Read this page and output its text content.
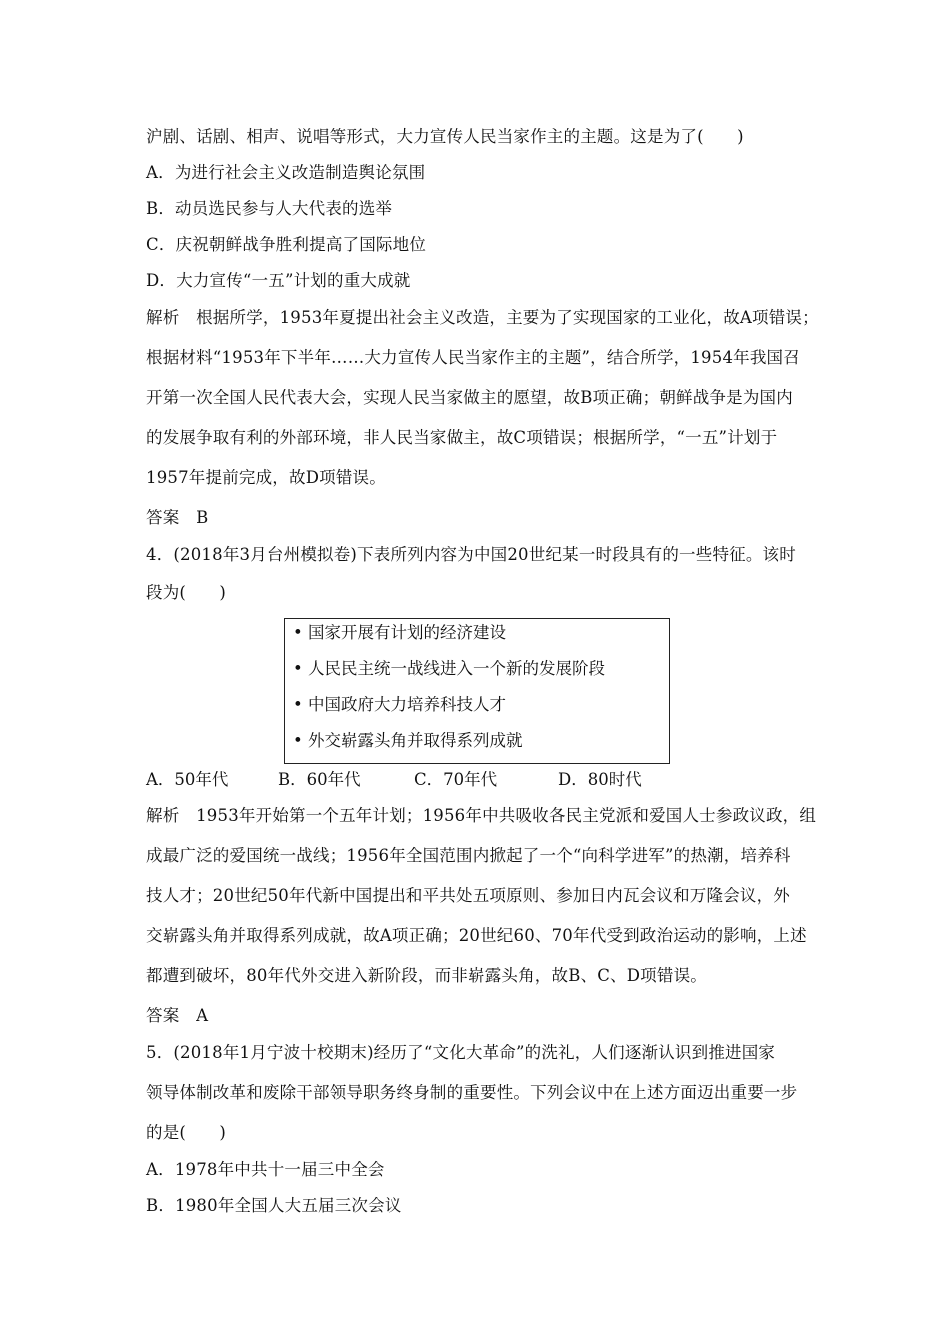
沪剧、话剧、相声、说唱等形式，大力宣传人民当家作主的主题。这是为了(　　)
A．为进行社会主义改造制造舆论氛围
B．动员选民参与人大代表的选举
C．庆祝朝鲜战争胜利提高了国际地位
D．大力宣传“一五”计划的重大成就
解析　根据所学，1953年夏提出社会主义改造，主要为了实现国家的工业化，故A项错误；
根据材料“1953年下半年……大力宣传人民当家作主的主题”，结合所学，1954年我国召
开第一次全国人民代表大会，实现人民当家做主的愿望，故B项正确；朝鲜战争是为国内
的发展争取有利的外部环境，非人民当家做主，故C项错误；根据所学，“一五”计划于
1957年提前完成，故D项错误。
答案　B
4．(2018年3月台州模拟卷)下表所列内容为中国20世纪某一时段具有的一些特征。该时
段为(　　)
• 国家开展有计划的经济建设
• 人民民主统一战线进入一个新的发展阶段
• 中国政府大力培养科技人才
• 外交崭露头角并取得系列成就
A．50年代	B．60年代	C．70年代	D．80时代
解析　1953年开始第一个五年计划；1956年中共吸收各民主党派和爱国人士参政议政，组
成最广泛的爱国统一战线；1956年全国范围内掀起了一个“向科学进军”的热潮，培养科
技人才；20世纪50年代新中国提出和平共处五项原则、参加日内瓦会议和万隆会议，外
交崭露头角并取得系列成就，故A项正确；20世纪60、70年代受到政治运动的影响，上述
都遭到破坏，80年代外交进入新阶段，而非崭露头角，故B、C、D项错误。
答案　A
5．(2018年1月宁波十校期末)经历了“文化大革命”的洗礼，人们逐渐认识到推进国家
领导体制改革和废除干部领导职务终身制的重要性。下列会议中在上述方面迈出重要一步
的是(　　)
A．1978年中共十一届三中全会
B．1980年全国人大五届三次会议
